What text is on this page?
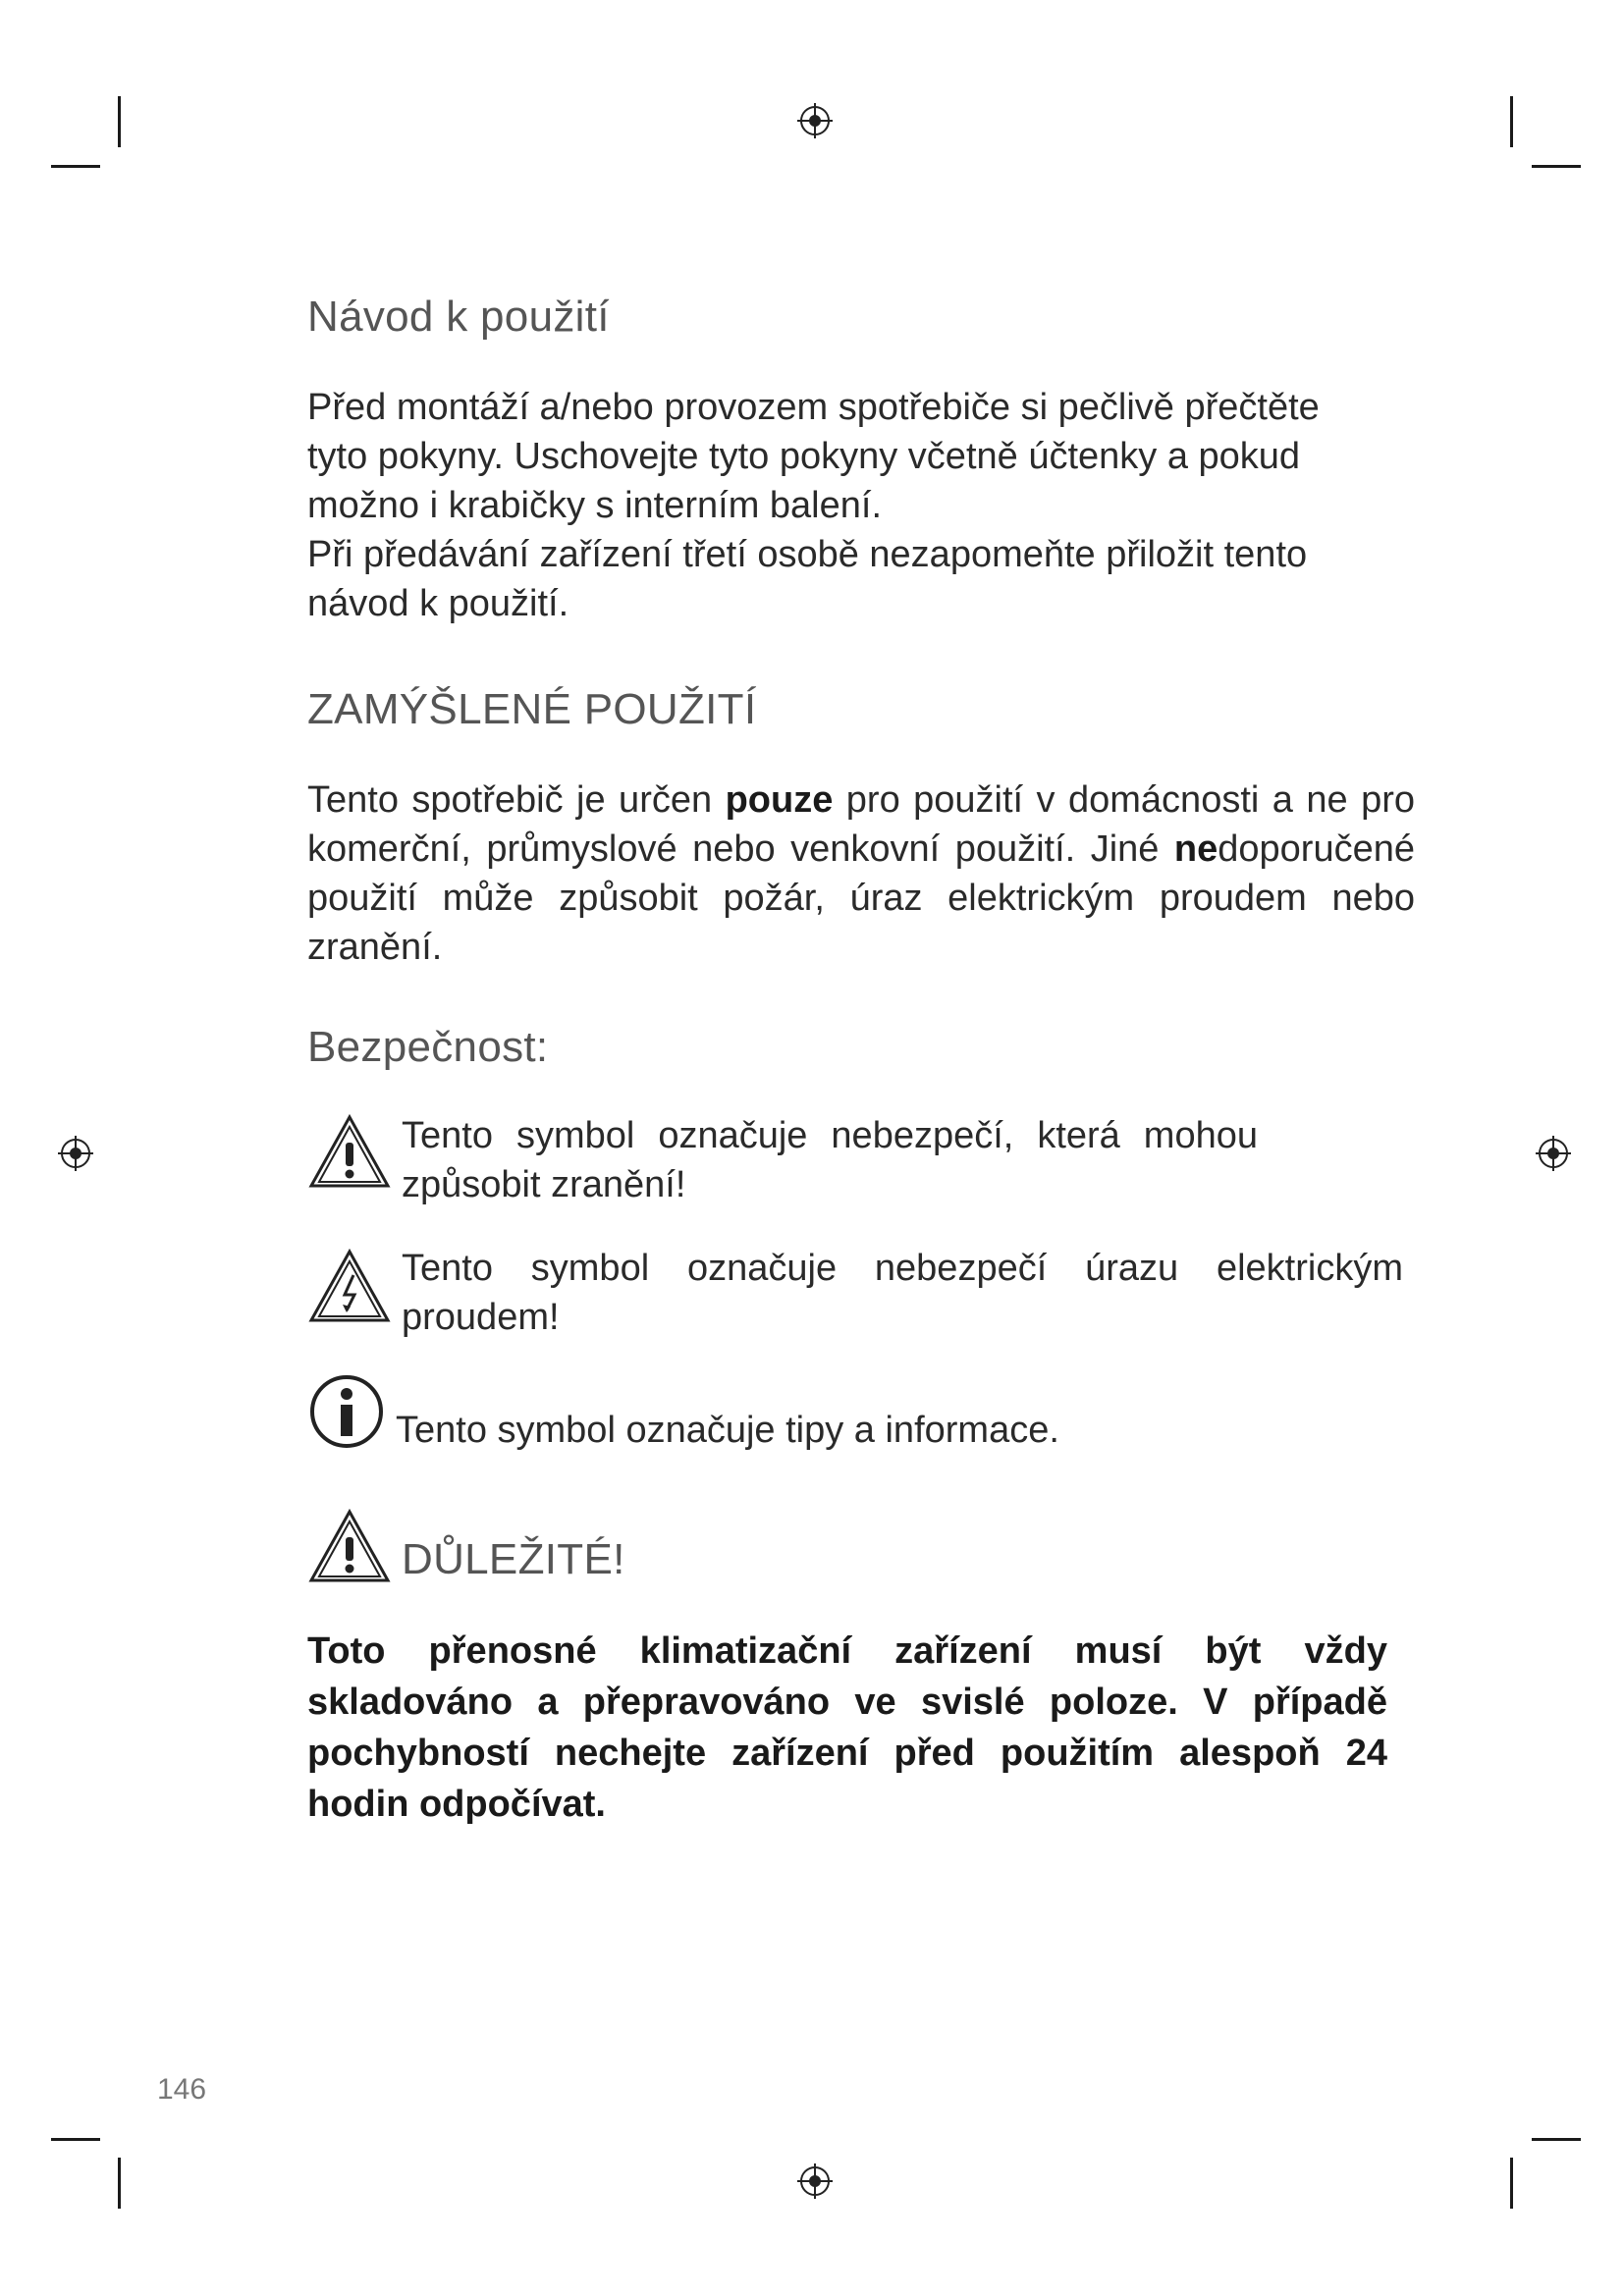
Návod k použití
Před montáží a/nebo provozem spotřebiče si pečlivě přečtěte
tyto pokyny. Uschovejte tyto pokyny včetně účtenky a pokud
možno i krabičky s interním balení.
Při předávání zařízení třetí osobě nezapomeňte přiložit tento
návod k použití.
ZAMÝŠLENÉ POUŽITÍ

Tento spotřebič je určen pouze pro použití v domácnosti a ne pro komerční, průmyslové nebo venkovní použití. Jiné nedoporučené použití může způsobit požár, úraz elektrickým proudem nebo zranění.

Bezpečnost:
Tento symbol označuje nebezpečí, která mohou způsobit zranění!
Tento symbol označuje nebezpečí úrazu elektrickým proudem!
Tento symbol označuje tipy a informace.
DŮLEŽITÉ!

Toto přenosné klimatizační zařízení musí být vždy skladováno a přepravováno ve svislé poloze. V případě pochybností nechejte zařízení před použitím alespoň 24 hodin odpočívat.

146
